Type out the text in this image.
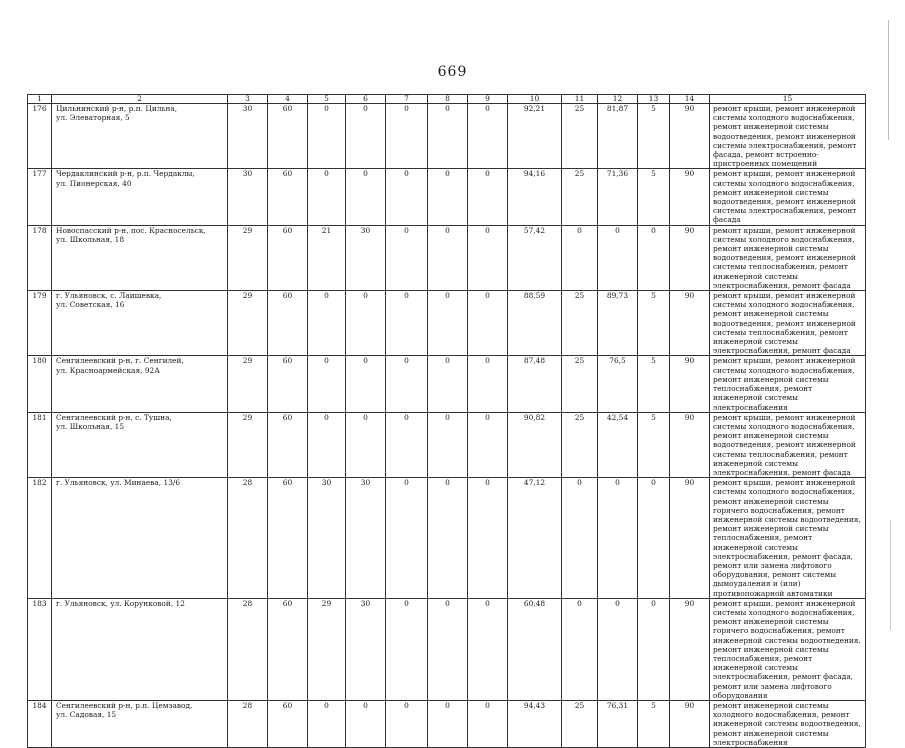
669
1	2	3	4	5	6	7	8	9	10	11	12	13	14	15
176	Цильнинский р-н, р.п. Цильна,
ул. Элеваторная, 5	30	60	0	0	0	0	0	92,21	25	81,87	5	90	ремонт крыши, ремонт инженерной системы холодного водоснабжения, ремонт инженерной системы водоотведения, ремонт инженерной системы электроснабжения, ремонт фасада, ремонт встроенно-пристроенных помещений
177	Чердаклинский р-н, р.п. Чердаклы,
ул. Пионерская, 40	30	60	0	0	0	0	0	94,16	25	71,36	5	90	ремонт крыши, ремонт инженерной системы холодного водоснабжения, ремонт инженерной системы водоотведения, ремонт инженерной системы электроснабжения, ремонт фасада
178	Новоспасский р-н, пос. Красносельск,
ул. Школьная, 18	29	60	21	30	0	0	0	57,42	0	0	0	90	ремонт крыши, ремонт инженерной системы холодного водоснабжения, ремонт инженерной системы водоотведения, ремонт инженерной системы теплоснабжения, ремонт инженерной системы электроснабжения, ремонт фасада
179	г. Ульяновск, с. Лаишевка,
ул. Советская, 16	29	60	0	0	0	0	0	88,59	25	89,73	5	90	ремонт крыши, ремонт инженерной системы холодного водоснабжения, ремонт инженерной системы водоотведения, ремонт инженерной системы теплоснабжения, ремонт инженерной системы электроснабжения, ремонт фасада
180	Сенгилеевский р-н, г. Сенгилей,
ул. Красноармейская, 92А	29	60	0	0	0	0	0	87,48	25	76,5	5	90	ремонт крыши, ремонт инженерной системы холодного водоснабжения, ремонт инженерной системы теплоснабжения, ремонт инженерной системы электроснабжения
181	Сенгилеевский р-н, с. Тушна,
ул. Школьная, 15	29	60	0	0	0	0	0	90,82	25	42,54	5	90	ремонт крыши, ремонт инженерной системы холодного водоснабжения, ремонт инженерной системы водоотведения, ремонт инженерной системы теплоснабжения, ремонт инженерной системы электроснабжения, ремонт фасада
182	г. Ульяновск, ул. Минаева, 13/6	28	60	30	30	0	0	0	47,12	0	0	0	90	ремонт крыши, ремонт инженерной системы холодного водоснабжения, ремонт инженерной системы горячего водоснабжения, ремонт инженерной системы водоотведения, ремонт инженерной системы теплоснабжения, ремонт инженерной системы электроснабжения, ремонт фасада, ремонт или замена лифтового оборудования, ремонт системы дымоудаления и (или) противопожарной автоматики
183	г. Ульяновск, ул. Корунковой, 12	28	60	29	30	0	0	0	60,48	0	0	0	90	ремонт крыши, ремонт инженерной системы холодного водоснабжения, ремонт инженерной системы горячего водоснабжения, ремонт инженерной системы водоотведения, ремонт инженерной системы теплоснабжения, ремонт инженерной системы электроснабжения, ремонт фасада, ремонт или замена лифтового оборудования
184	Сенгилеевский р-н, р.п. Цемзавод,
ул. Садовая, 15	28	60	0	0	0	0	0	94,43	25	76,31	5	90	ремонт инженерной системы холодного водоснабжения, ремонт инженерной системы водоотведения, ремонт инженерной системы электроснабжения
